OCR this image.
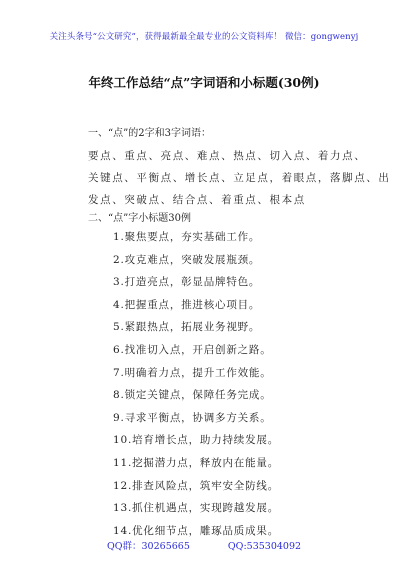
关注头条号“公文研究”，获得最新最全最专业的公文资料库！ 微信：gongwenyj
年终工作总结“点”字词语和小标题(30例)
一、“点”的2字和3字词语：
要点、重点、亮点、难点、热点、切入点、着力点、
关键点、平衡点、增长点、立足点，着眼点，落脚点、出
发点、突破点、结合点、着重点、根本点
二、“点”字小标题30例
1.聚焦要点，夯实基础工作。
2.攻克难点，突破发展瓶颈。
3.打造亮点，彰显品牌特色。
4.把握重点，推进核心项目。
5.紧跟热点，拓展业务视野。
6.找准切入点，开启创新之路。
7.明确着力点，提升工作效能。
8.锁定关键点，保障任务完成。
9.寻求平衡点，协调多方关系。
10.培育增长点，助力持续发展。
11.挖掘潜力点，释放内在能量。
12.排查风险点，筑牢安全防线。
13.抓住机遇点，实现跨越发展。
QQ群：30265665	QQ:535304092
14.优化细节点，雕琢品质成果。
